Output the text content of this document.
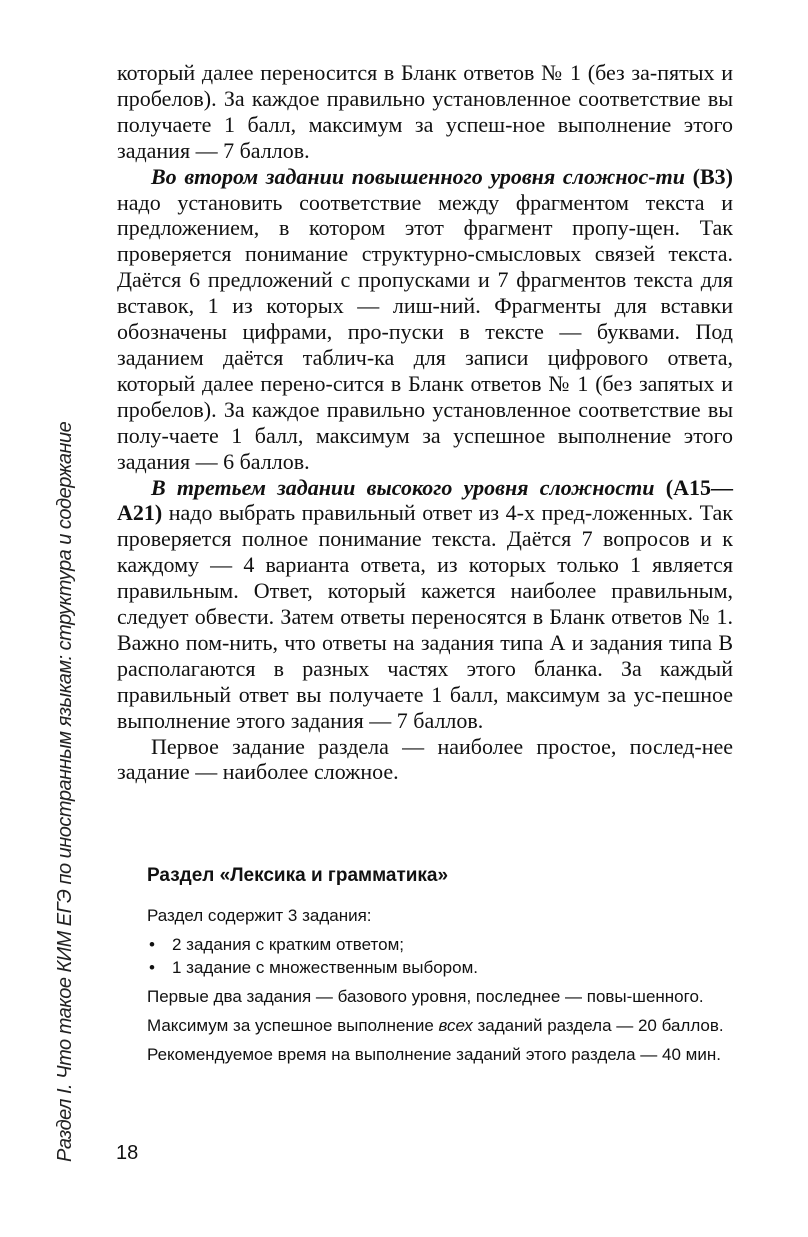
Раздел I. Что такое КИМ ЕГЭ по иностранным языкам: структура и содержание

который далее переносится в Бланк ответов № 1 (без за-пятых и пробелов). За каждое правильно установленное соответствие вы получаете 1 балл, максимум за успеш-ное выполнение этого задания — 7 баллов.

Во втором задании повышенного уровня сложнос-ти (В3) надо установить соответствие между фрагментом текста и предложением, в котором этот фрагмент пропу-щен. Так проверяется понимание структурно-смысловых связей текста. Даётся 6 предложений с пропусками и 7 фрагментов текста для вставок, 1 из которых — лиш-ний. Фрагменты для вставки обозначены цифрами, про-пуски в тексте — буквами. Под заданием даётся таблич-ка для записи цифрового ответа, который далее перено-сится в Бланк ответов № 1 (без запятых и пробелов). За каждое правильно установленное соответствие вы полу-чаете 1 балл, максимум за успешное выполнение этого задания — 6 баллов.

В третьем задании высокого уровня сложности (А15—А21) надо выбрать правильный ответ из 4-х пред-ложенных. Так проверяется полное понимание текста. Даётся 7 вопросов и к каждому — 4 варианта ответа, из которых только 1 является правильным. Ответ, который кажется наиболее правильным, следует обвести. Затем ответы переносятся в Бланк ответов № 1. Важно пом-нить, что ответы на задания типа А и задания типа В располагаются в разных частях этого бланка. За каждый правильный ответ вы получаете 1 балл, максимум за ус-пешное выполнение этого задания — 7 баллов.

Первое задание раздела — наиболее простое, послед-нее задание — наиболее сложное.

Раздел «Лексика и грамматика»

Раздел содержит 3 задания:

• 2 задания с кратким ответом;
• 1 задание с множественным выбором.

Первые два задания — базового уровня, последнее — повы-шенного.

Максимум за успешное выполнение всех заданий раздела — 20 баллов.

Рекомендуемое время на выполнение заданий этого раздела — 40 мин.

18
